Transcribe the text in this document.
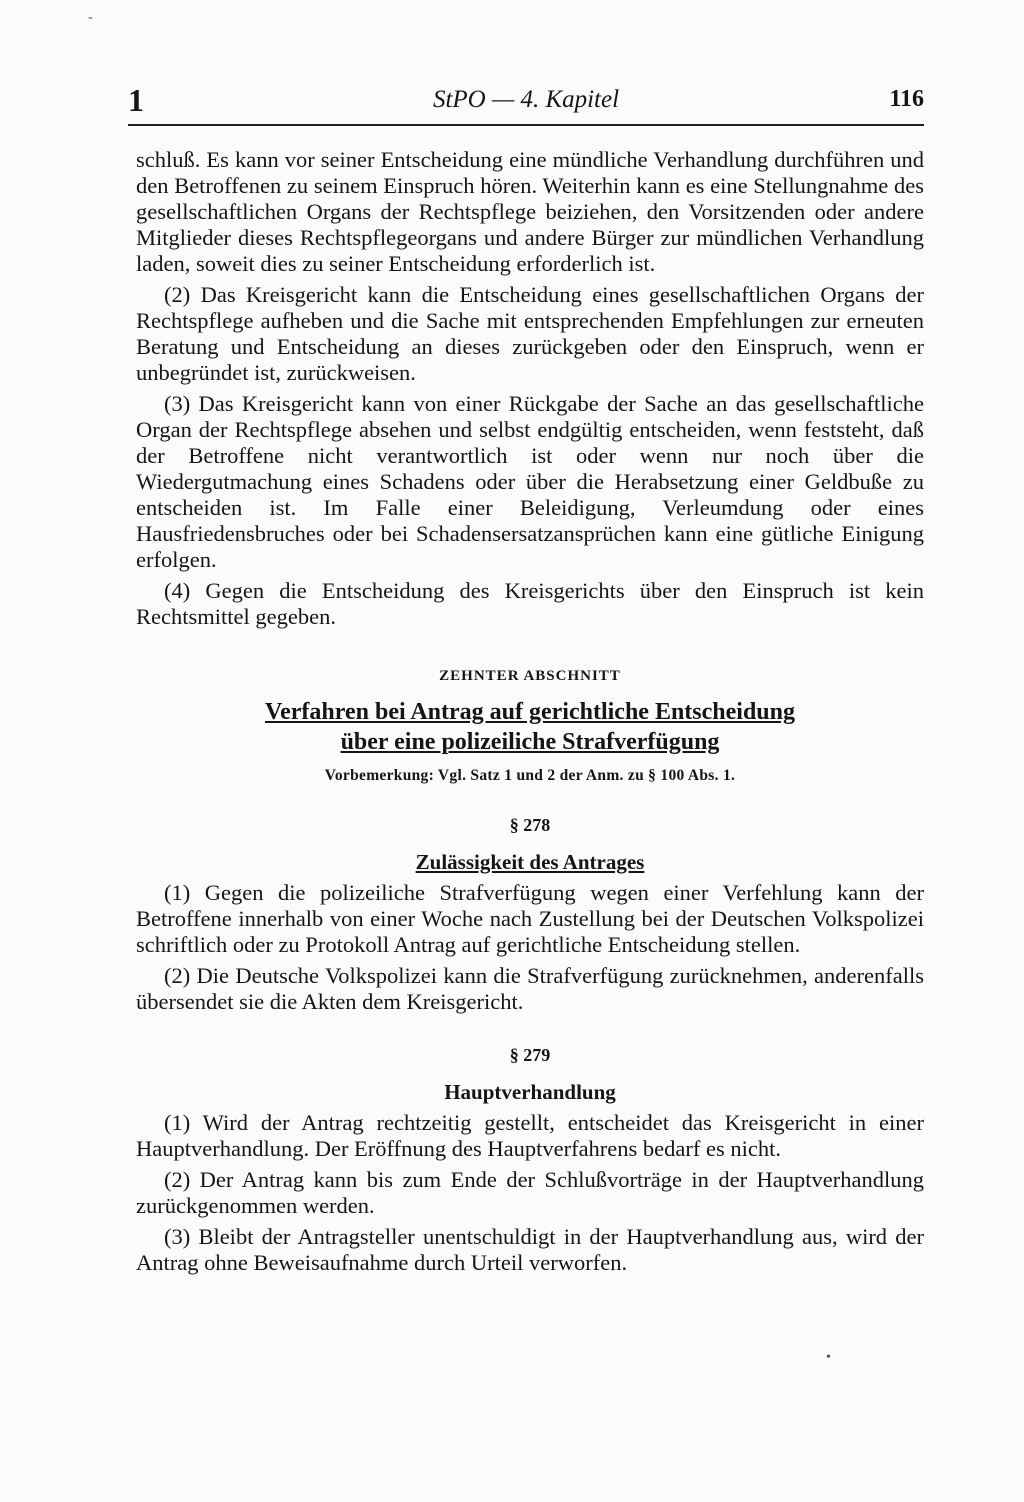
1	StPO — 4. Kapitel	116

schluß. Es kann vor seiner Entscheidung eine mündliche Verhandlung durchführen und den Betroffenen zu seinem Einspruch hören. Weiterhin kann es eine Stellungnahme des gesellschaftlichen Organs der Rechtspflege beiziehen, den Vorsitzenden oder andere Mitglieder dieses Rechtspflegeorgans und andere Bürger zur mündlichen Verhandlung laden, soweit dies zu seiner Entscheidung erforderlich ist.

(2) Das Kreisgericht kann die Entscheidung eines gesellschaftlichen Organs der Rechtspflege aufheben und die Sache mit entsprechenden Empfehlungen zur erneuten Beratung und Entscheidung an dieses zurückgeben oder den Einspruch, wenn er unbegründet ist, zurückweisen.

(3) Das Kreisgericht kann von einer Rückgabe der Sache an das gesellschaftliche Organ der Rechtspflege absehen und selbst endgültig entscheiden, wenn feststeht, daß der Betroffene nicht verantwortlich ist oder wenn nur noch über die Wiedergutmachung eines Schadens oder über die Herabsetzung einer Geldbuße zu entscheiden ist. Im Falle einer Beleidigung, Verleumdung oder eines Hausfriedensbruches oder bei Schadensersatzansprüchen kann eine gütliche Einigung erfolgen.

(4) Gegen die Entscheidung des Kreisgerichts über den Einspruch ist kein Rechtsmittel gegeben.

ZEHNTER ABSCHNITT
Verfahren bei Antrag auf gerichtliche Entscheidung
über eine polizeiliche Strafverfügung
Vorbemerkung: Vgl. Satz 1 und 2 der Anm. zu § 100 Abs. 1.
§ 278
Zulässigkeit des Antrages

(1) Gegen die polizeiliche Strafverfügung wegen einer Verfehlung kann der Betroffene innerhalb von einer Woche nach Zustellung bei der Deutschen Volkspolizei schriftlich oder zu Protokoll Antrag auf gerichtliche Entscheidung stellen.

(2) Die Deutsche Volkspolizei kann die Strafverfügung zurücknehmen, anderenfalls übersendet sie die Akten dem Kreisgericht.

§ 279
Hauptverhandlung

(1) Wird der Antrag rechtzeitig gestellt, entscheidet das Kreisgericht in einer Hauptverhandlung. Der Eröffnung des Hauptverfahrens bedarf es nicht.

(2) Der Antrag kann bis zum Ende der Schlußvorträge in der Hauptverhandlung zurückgenommen werden.

(3) Bleibt der Antragsteller unentschuldigt in der Hauptverhandlung aus, wird der Antrag ohne Beweisaufnahme durch Urteil verworfen.

-
•
